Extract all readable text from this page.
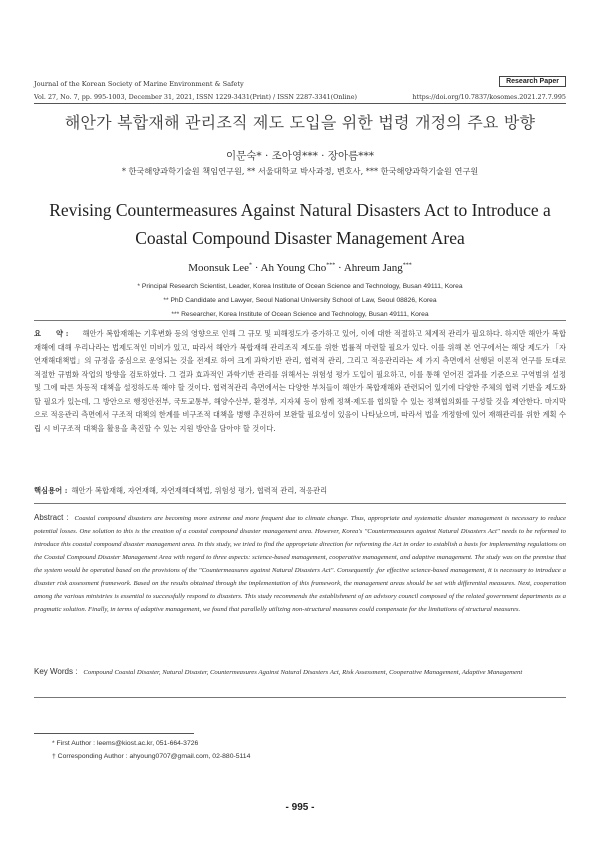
Journal of the Korean Society of Marine Environment & Safety	Research Paper
Vol. 27, No. 7, pp. 995-1003, December 31, 2021, ISSN 1229-3431(Print) / ISSN 2287-3341(Online)	https://doi.org/10.7837/kosomes.2021.27.7.995
해안가 복합재해 관리조직 제도 도입을 위한 법령 개정의 주요 방향
이문숙* · 조아영*** · 장아름***
* 한국해양과학기술원 책임연구원, ** 서울대학교 박사과정, 변호사, *** 한국해양과학기술원 연구원
Revising Countermeasures Against Natural Disasters Act to Introduce a
Coastal Compound Disaster Management Area
Moonsuk Lee* · Ah Young Cho*** · Ahreum Jang***
* Principal Research Scientist, Leader, Korea Institute of Ocean Science and Technology, Busan 49111, Korea
** PhD Candidate and Lawyer, Seoul National University School of Law, Seoul 08826, Korea
*** Researcher, Korea Institute of Ocean Science and Technology, Busan 49111, Korea
요　　약 : 해안가 복합재해는 기후변화 등의 영향으로 인해 그 규모 및 피해정도가 증가하고 있어, 이에 대한 적절하고 체계적 관리가 필요하다. 하지만 해안가 복합재해에 대해 우리나라는 법제도적인 미비가 있고, 따라서 해안가 복합재해 관리조직 제도를 위한 법률적 마련할 필요가 있다. 이를 위해 본 연구에서는 해당 제도가 「자연재해대책법」의 규정을 중심으로 운영되는 것을 전제로 하여 크게 과학기반 관리, 협력적 관리, 그리고 적응관리라는 세 가지 측면에서 선행된 이론적 연구를 토대로 적절한 규범화 작업의 방향을 검토하였다. 그 결과 효과적인 과학기반 관리를 위해서는 위험성 평가 도입이 필요하고, 이를 통해 얻어진 결과를 기준으로 구역범위 설정 및 그에 따른 차등적 대책을 설정하도록 해야 할 것이다. 협력적관리 측면에서는 다양한 부처들이 해안가 복합재해와 관련되어 있기에 다양한 주체의 협력 기반을 제도화할 필요가 있는데, 그 방안으로 행정안전부, 국토교통부, 해양수산부, 환경부, 지자체 등이 함께 정책·제도를 협의할 수 있는 정책협의회를 구성할 것을 제안한다. 마지막으로 적응관리 측면에서 구조적 대책의 한계를 비구조적 대책을 병행 추진하여 보완할 필요성이 있음이 나타났으며, 따라서 법을 개정함에 있어 재해관리를 위한 계획 수립 시 비구조적 대책을 활용을 촉진할 수 있는 지원 방안을 담아야 할 것이다.
핵심용어 : 해안가 복합재해, 자연재해, 자연재해대책법, 위험성 평가, 협력적 관리, 적응관리
Abstract : Coastal compound disasters are becoming more extreme and more frequent due to climate change. Thus, appropriate and systematic disaster management is necessary to reduce potential losses. One solution to this is the creation of a coastal compound disaster management area. However, Korea's "Countermeasures against Natural Disasters Act" needs to be reformed to introduce this coastal compound disaster management area. In this study, we tried to find the appropriate direction for reforming the Act in order to establish a basis for implementing regulations on the Coastal Compound Disaster Management Area with regard to three aspects: science-based management, cooperative management, and adaptive management. The study was on the premise that the system would be operated based on the provisions of the "Countermeasures against Natural Disasters Act". Consequently ,for effective science-based management, it is necessary to introduce a disaster risk assessment framework. Based on the results obtained through the implementation of this framework, the management areas should be set with differential measures. Next, cooperation among the various ministries is essential to successfully respond to disasters. This study recommends the establishment of an advisory council composed of the related government departments as a pragmatic solution. Finally, in terms of adaptive management, we found that parallelly utilizing non-structural measures could compensate for the limitations of structural measures.
Key Words : Compound Coastal Disaster, Natural Disaster, Countermeasures Against Natural Disasters Act, Risk Assessment, Cooperative Management, Adaptive Management
* First Author : leems@kiost.ac.kr, 051-664-3726
† Corresponding Author : ahyoung0707@gmail.com, 02-880-5114
- 995 -
